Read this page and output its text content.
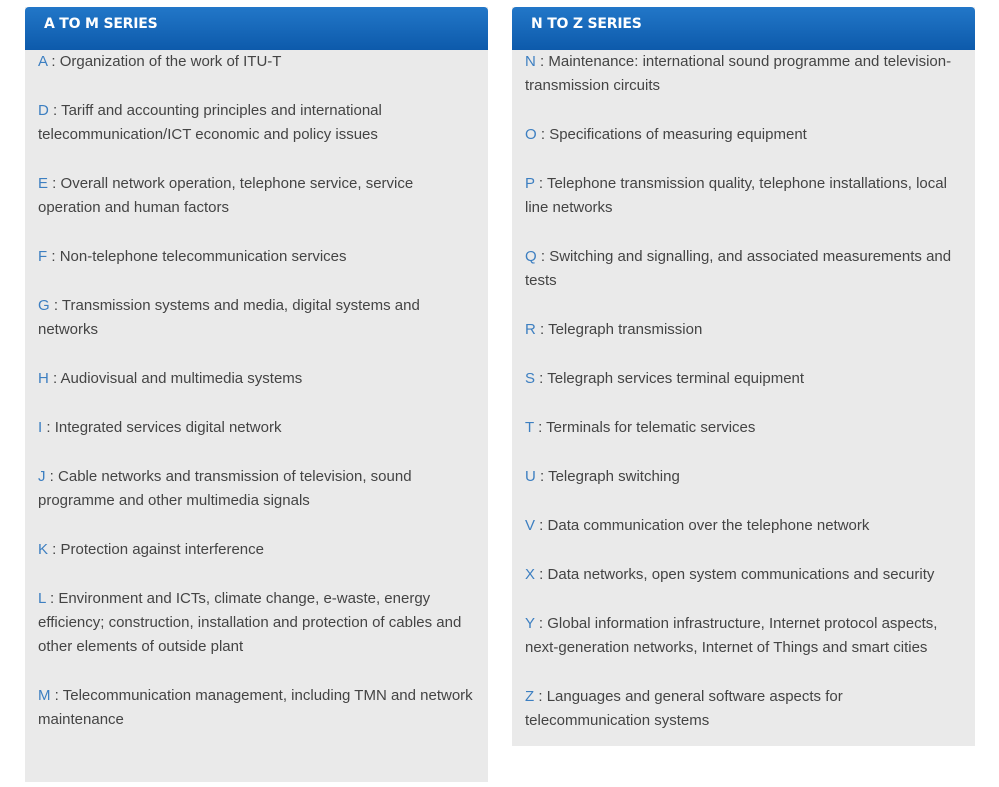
A TO M SERIES
A : Organization of the work of ITU-T
D : Tariff and accounting principles and international telecommunication/ICT economic and policy issues
E : Overall network operation, telephone service, service operation and human factors
F : Non-telephone telecommunication services
G : Transmission systems and media, digital systems and networks
H : Audiovisual and multimedia systems
I : Integrated services digital network
J : Cable networks and transmission of television, sound programme and other multimedia signals
K : Protection against interference
L : Environment and ICTs, climate change, e-waste, energy efficiency; construction, installation and protection of cables and other elements of outside plant
M : Telecommunication management, including TMN and network maintenance
N TO Z SERIES
N : Maintenance: international sound programme and television-transmission circuits
O : Specifications of measuring equipment
P : Telephone transmission quality, telephone installations, local line networks
Q : Switching and signalling, and associated measurements and tests
R : Telegraph transmission
S : Telegraph services terminal equipment
T : Terminals for telematic services
U : Telegraph switching
V : Data communication over the telephone network
X : Data networks, open system communications and security
Y : Global information infrastructure, Internet protocol aspects, next-generation networks, Internet of Things and smart cities
Z : Languages and general software aspects for telecommunication systems
